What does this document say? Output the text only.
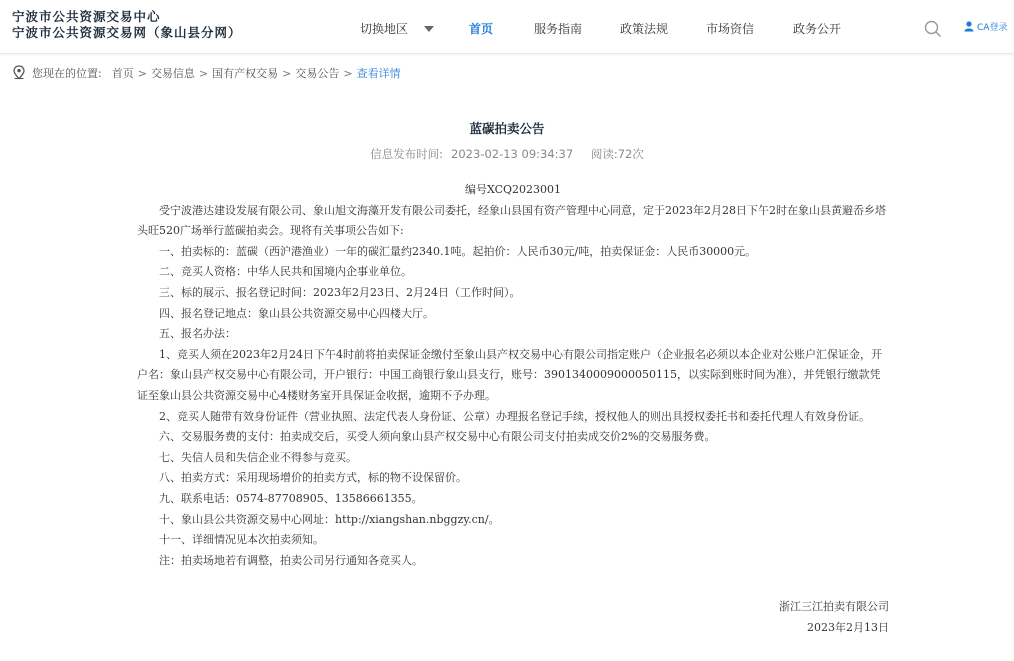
宁波市公共资源交易中心
宁波市公共资源交易网（象山县分网）	切换地区	首页	服务指南	政策法规	市场资信	政务公开	CA登录
您现在的位置: 首页 > 交易信息 > 国有产权交易 > 交易公告 > 查看详情
蓝碳拍卖公告
信息发布时间: 2023-02-13 09:34:37 阅读:72次

编号XCQ2023001

受宁波港达建设发展有限公司、象山旭文海藻开发有限公司委托，经象山县国有资产管理中心同意，定于2023年2月28日下午2时在象山县黄避岙乡塔头旺520广场举行蓝碳拍卖会。现将有关事项公告如下:

一、拍卖标的：蓝碳（西沪港渔业）一年的碳汇量约2340.1吨。起拍价：人民币30元/吨，拍卖保证金：人民币30000元。

二、竞买人资格：中华人民共和国境内企事业单位。

三、标的展示、报名登记时间：2023年2月23日、2月24日（工作时间）。

四、报名登记地点：象山县公共资源交易中心四楼大厅。

五、报名办法：

1、竞买人须在2023年2月24日下午4时前将拍卖保证金缴付至象山县产权交易中心有限公司指定账户（企业报名必须以本企业对公账户汇保证金，开户名：象山县产权交易中心有限公司，开户银行：中国工商银行象山县支行，账号：3901340009000050115，以实际到账时间为准），并凭银行缴款凭证至象山县公共资源交易中心4楼财务室开具保证金收据，逾期不予办理。

2、竞买人随带有效身份证件（营业执照、法定代表人身份证、公章）办理报名登记手续，授权他人的则出具授权委托书和委托代理人有效身份证。

六、交易服务费的支付：拍卖成交后，买受人须向象山县产权交易中心有限公司支付拍卖成交价2%的交易服务费。

七、失信人员和失信企业不得参与竞买。

八、拍卖方式：采用现场增价的拍卖方式，标的物不设保留价。

九、联系电话：0574-87708905、13586661355。

十、象山县公共资源交易中心网址：http://xiangshan.nbggzy.cn/。

十一、详细情况见本次拍卖须知。

注：拍卖场地若有调整，拍卖公司另行通知各竞买人。

浙江三江拍卖有限公司

2023年2月13日
